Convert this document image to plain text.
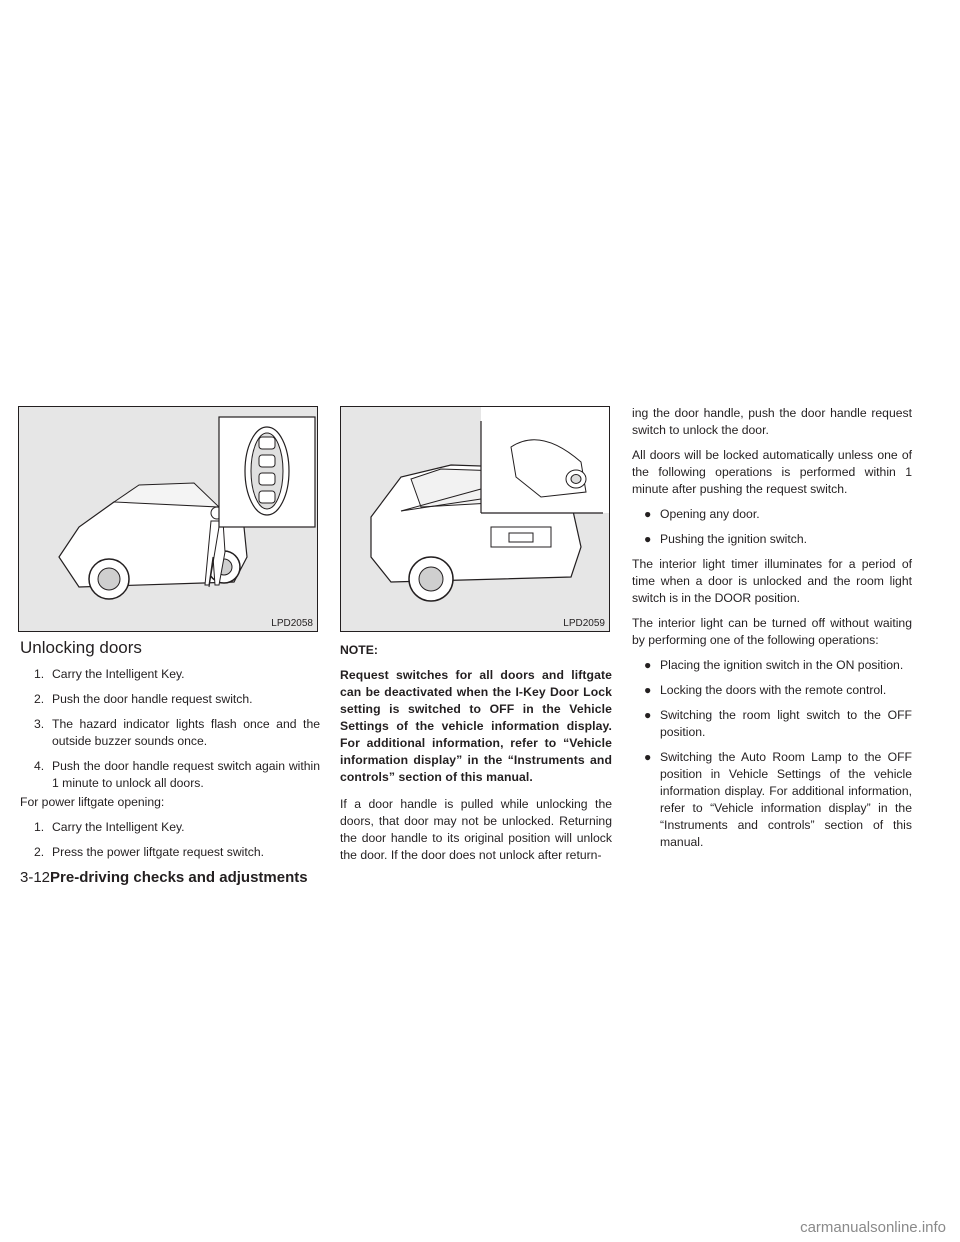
LPD2058	LPD2059
Unlocking doors
1. Carry the Intelligent Key.
2. Push the door handle request switch.
3. The hazard indicator lights flash once and the outside buzzer sounds once.
4. Push the door handle request switch again within 1 minute to unlock all doors.

For power liftgate opening:

1. Carry the Intelligent Key.
2. Press the power liftgate request switch.
NOTE:

Request switches for all doors and liftgate can be deactivated when the I-Key Door Lock setting is switched to OFF in the Vehicle Settings of the vehicle information display. For additional information, refer to “Vehicle information display” in the “Instruments and controls” section of this manual.

If a door handle is pulled while unlocking the doors, that door may not be unlocked. Returning the door handle to its original position will unlock the door. If the door does not unlock after return-

ing the door handle, push the door handle request switch to unlock the door.

All doors will be locked automatically unless one of the following operations is performed within 1 minute after pushing the request switch.

● Opening any door.
● Pushing the ignition switch.

The interior light timer illuminates for a period of time when a door is unlocked and the room light switch is in the DOOR position.

The interior light can be turned off without waiting by performing one of the following operations:

● Placing the ignition switch in the ON position.
● Locking the doors with the remote control.
● Switching the room light switch to the OFF position.
● Switching the Auto Room Lamp to the OFF position in Vehicle Settings of the vehicle information display. For additional information, refer to “Vehicle information display” in the “Instruments and controls” section of this manual.
3-12Pre-driving checks and adjustments
carmanualsonline.info
